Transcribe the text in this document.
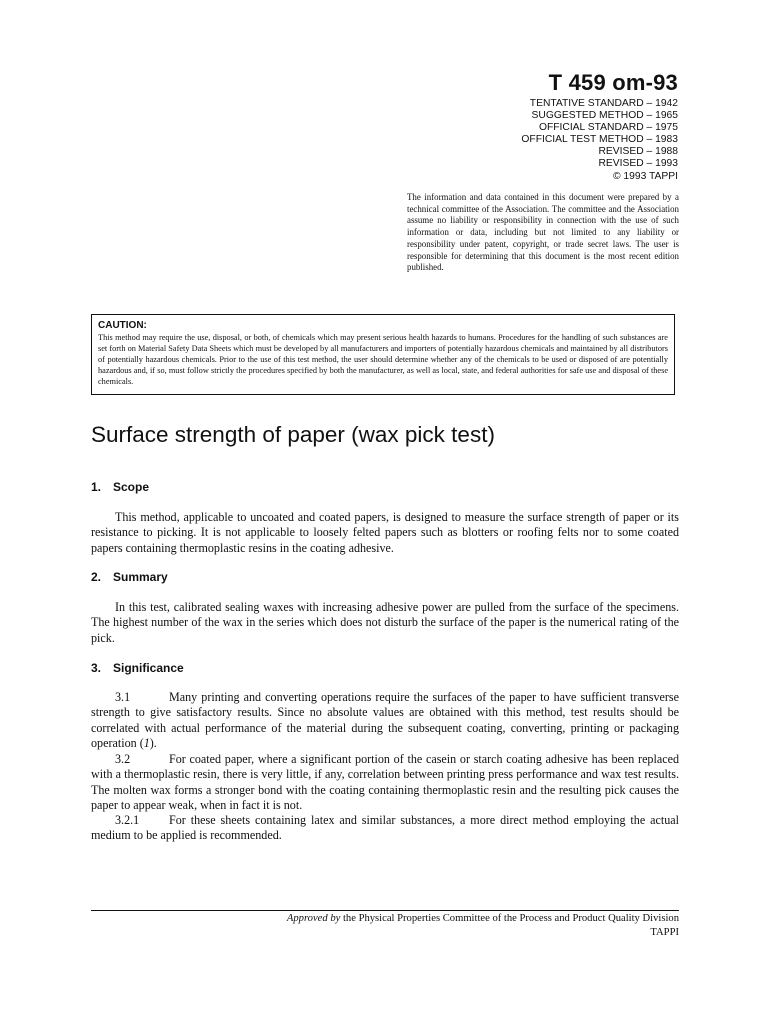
T 459 om-93
TENTATIVE STANDARD – 1942
SUGGESTED METHOD – 1965
OFFICIAL STANDARD – 1975
OFFICIAL TEST METHOD – 1983
REVISED – 1988
REVISED – 1993
© 1993 TAPPI
The information and data contained in this document were prepared by a technical committee of the Association. The committee and the Association assume no liability or responsibility in connection with the use of such information or data, including but not limited to any liability or responsibility under patent, copyright, or trade secret laws. The user is responsible for determining that this document is the most recent edition published.
CAUTION:
This method may require the use, disposal, or both, of chemicals which may present serious health hazards to humans. Procedures for the handling of such substances are set forth on Material Safety Data Sheets which must be developed by all manufacturers and importers of potentially hazardous chemicals and maintained by all distributors of potentially hazardous chemicals. Prior to the use of this test method, the user should determine whether any of the chemicals to be used or disposed of are potentially hazardous and, if so, must follow strictly the procedures specified by both the manufacturer, as well as local, state, and federal authorities for safe use and disposal of these chemicals.
Surface strength of paper (wax pick test)
1. Scope
This method, applicable to uncoated and coated papers, is designed to measure the surface strength of paper or its resistance to picking. It is not applicable to loosely felted papers such as blotters or roofing felts nor to some coated papers containing thermoplastic resins in the coating adhesive.
2. Summary
In this test, calibrated sealing waxes with increasing adhesive power are pulled from the surface of the specimens. The highest number of the wax in the series which does not disturb the surface of the paper is the numerical rating of the pick.
3. Significance
3.1	Many printing and converting operations require the surfaces of the paper to have sufficient transverse strength to give satisfactory results. Since no absolute values are obtained with this method, test results should be correlated with actual performance of the material during the subsequent coating, converting, printing or packaging operation (1).
3.2	For coated paper, where a significant portion of the casein or starch coating adhesive has been replaced with a thermoplastic resin, there is very little, if any, correlation between printing press performance and wax test results. The molten wax forms a stronger bond with the coating containing thermoplastic resin and the resulting pick causes the paper to appear weak, when in fact it is not.
3.2.1 For these sheets containing latex and similar substances, a more direct method employing the actual medium to be applied is recommended.
Approved by the Physical Properties Committee of the Process and Product Quality Division
TAPPI
